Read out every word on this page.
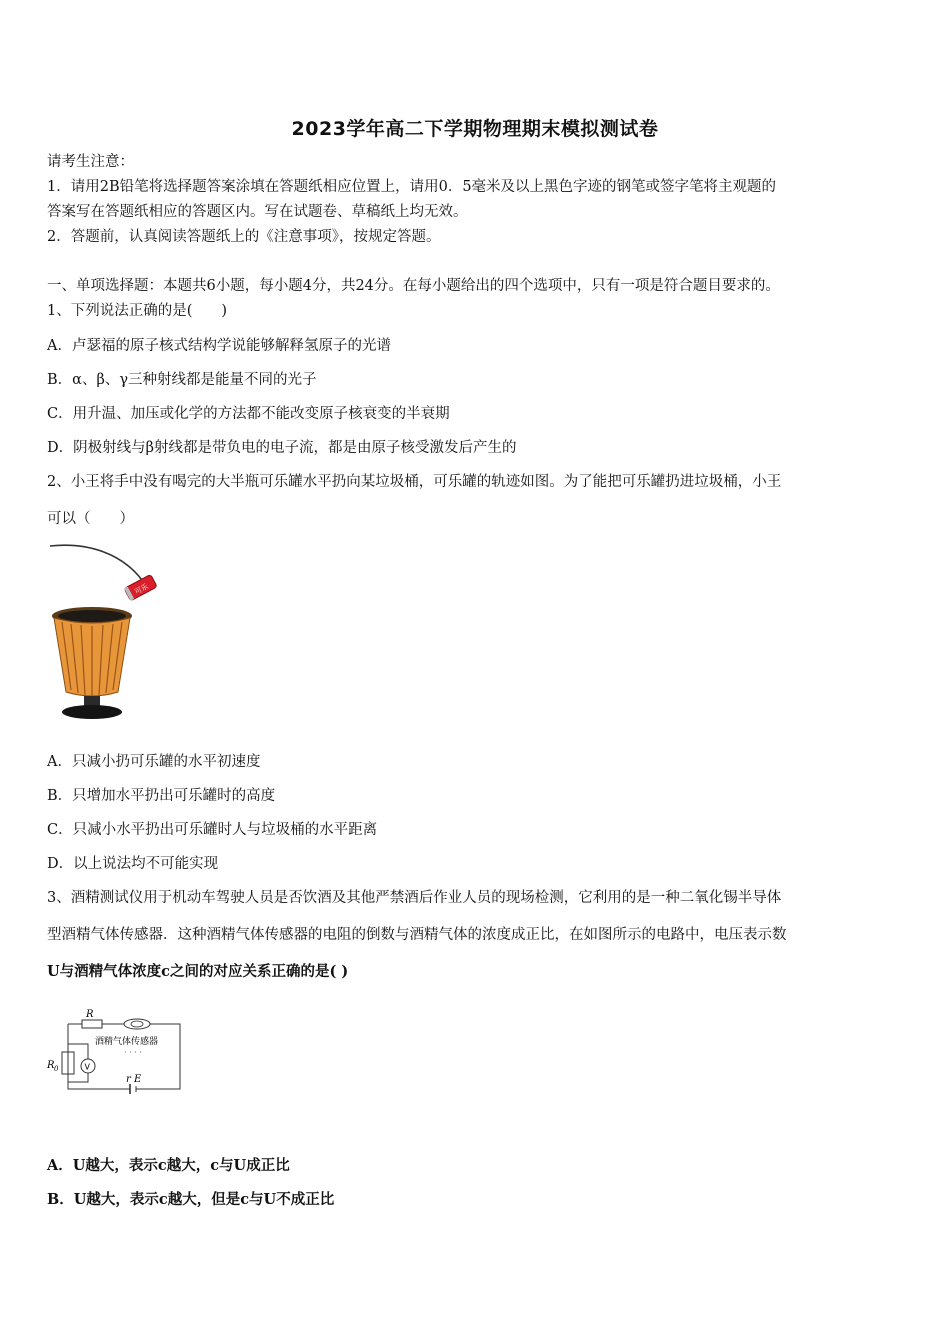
2023学年高二下学期物理期末模拟测试卷
请考生注意：
1．请用2B铅笔将选择题答案涂填在答题纸相应位置上，请用0．5毫米及以上黑色字迹的钢笔或签字笔将主观题的
答案写在答题纸相应的答题区内。写在试题卷、草稿纸上均无效。
2．答题前，认真阅读答题纸上的《注意事项》，按规定答题。
一、单项选择题：本题共6小题，每小题4分，共24分。在每小题给出的四个选项中，只有一项是符合题目要求的。
1、下列说法正确的是(　　)
A．卢瑟福的原子核式结构学说能够解释氢原子的光谱
B．α、β、γ三种射线都是能量不同的光子
C．用升温、加压或化学的方法都不能改变原子核衰变的半衰期
D．阴极射线与β射线都是带负电的电子流，都是由原子核受激发后产生的
2、小王将手中没有喝完的大半瓶可乐罐水平扔向某垃圾桶，可乐罐的轨迹如图。为了能把可乐罐扔进垃圾桶，小王
可以（　　）
可乐
A．只减小扔可乐罐的水平初速度
B．只增加水平扔出可乐罐时的高度
C．只减小水平扔出可乐罐时人与垃圾桶的水平距离
D．以上说法均不可能实现
3、酒精测试仪用于机动车驾驶人员是否饮酒及其他严禁酒后作业人员的现场检测，它利用的是一种二氧化锡半导体
型酒精气体传感器．这种酒精气体传感器的电阻的倒数与酒精气体的浓度成正比，在如图所示的电路中，电压表示数
U与酒精气体浓度c之间的对应关系正确的是( )
R
酒精气体传感器
· · · ·
R 0	V
r E
A．U越大，表示c越大，c与U成正比
B．U越大，表示c越大，但是c与U不成正比
